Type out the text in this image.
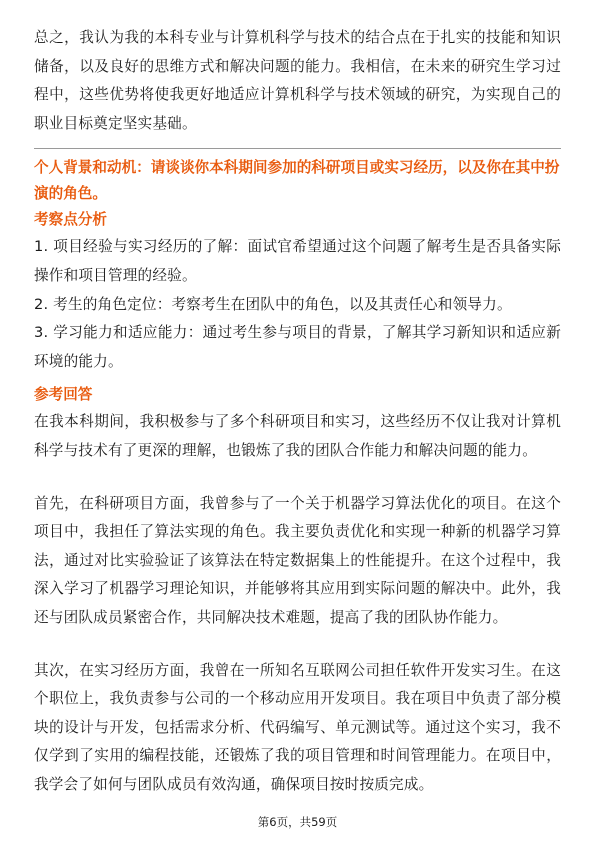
总之，我认为我的本科专业与计算机科学与技术的结合点在于扎实的技能和知识储备，以及良好的思维方式和解决问题的能力。我相信，在未来的研究生学习过程中，这些优势将使我更好地适应计算机科学与技术领域的研究，为实现自己的职业目标奠定坚实基础。

个人背景和动机：请谈谈你本科期间参加的科研项目或实习经历，以及你在其中扮演的角色。
考察点分析

1. 项目经验与实习经历的了解：面试官希望通过这个问题了解考生是否具备实际操作和项目管理的经验。

2. 考生的角色定位：考察考生在团队中的角色，以及其责任心和领导力。

3. 学习能力和适应能力：通过考生参与项目的背景，了解其学习新知识和适应新环境的能力。

参考回答

在我本科期间，我积极参与了多个科研项目和实习，这些经历不仅让我对计算机科学与技术有了更深的理解，也锻炼了我的团队合作能力和解决问题的能力。

首先，在科研项目方面，我曾参与了一个关于机器学习算法优化的项目。在这个项目中，我担任了算法实现的角色。我主要负责优化和实现一种新的机器学习算法，通过对比实验验证了该算法在特定数据集上的性能提升。在这个过程中，我深入学习了机器学习理论知识，并能够将其应用到实际问题的解决中。此外，我还与团队成员紧密合作，共同解决技术难题，提高了我的团队协作能力。

其次，在实习经历方面，我曾在一所知名互联网公司担任软件开发实习生。在这个职位上，我负责参与公司的一个移动应用开发项目。我在项目中负责了部分模块的设计与开发，包括需求分析、代码编写、单元测试等。通过这个实习，我不仅学到了实用的编程技能，还锻炼了我的项目管理和时间管理能力。在项目中，我学会了如何与团队成员有效沟通，确保项目按时按质完成。

第6页，共59页
